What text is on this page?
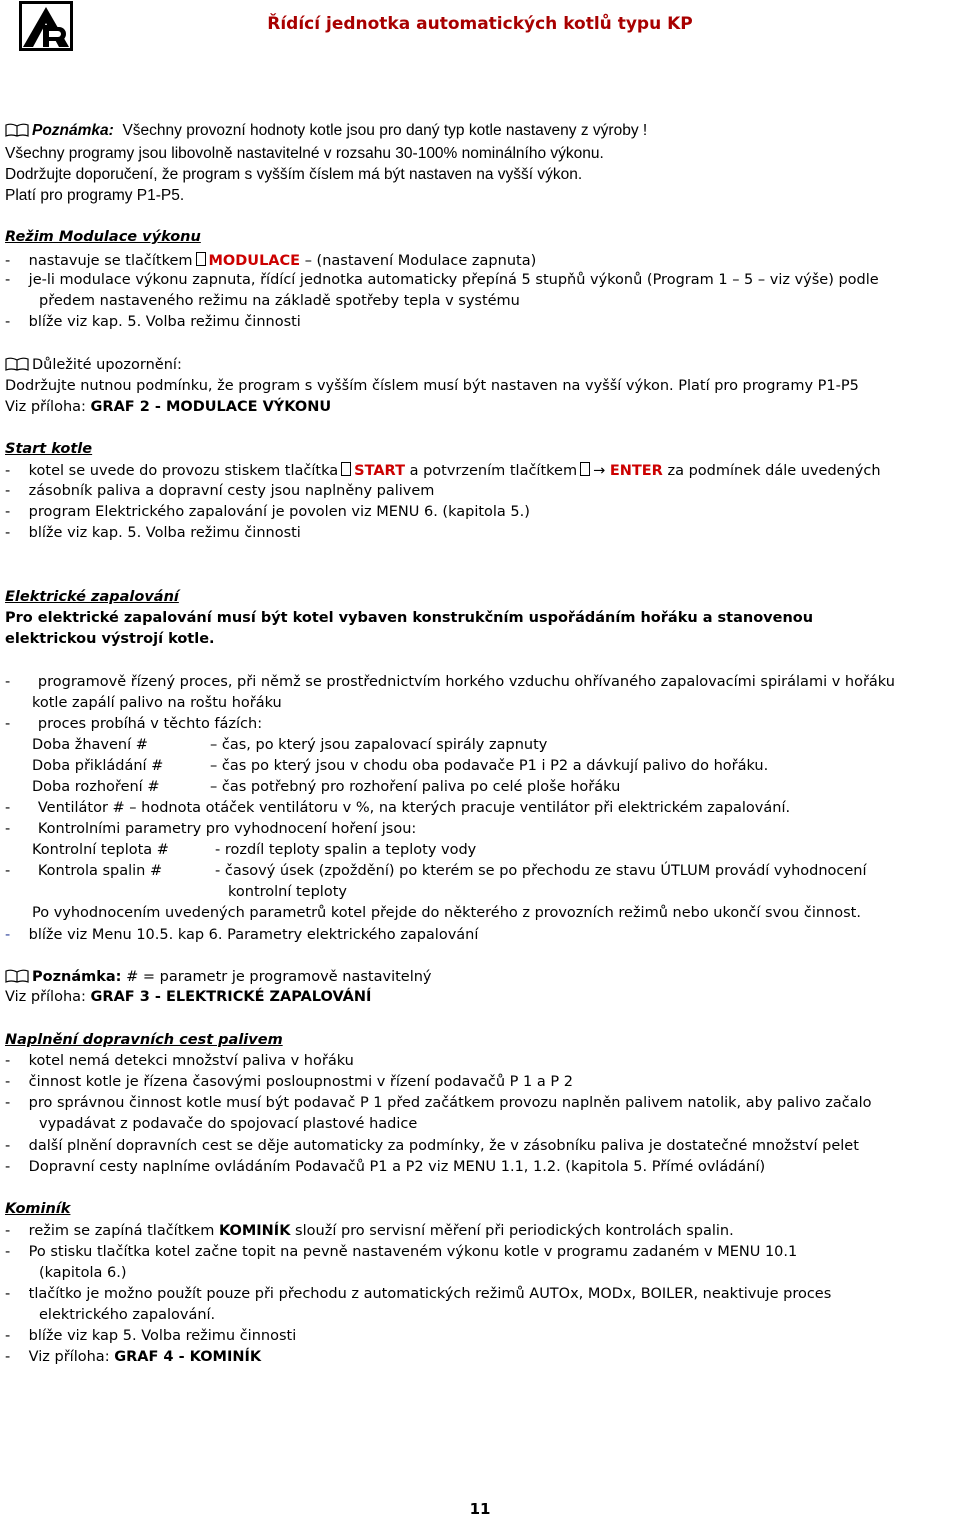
Řídící jednotka automatických kotlů typu KP
Poznámka: Všechny provozní hodnoty kotle jsou pro daný typ kotle nastaveny z výroby !
Všechny programy jsou libovolně nastavitelné v rozsahu 30-100% nominálního výkonu.
Dodržujte doporučení, že program s vyšším číslem má být nastaven na vyšší výkon.
Platí pro programy P1-P5.
Režim Modulace výkonu
-    nastavuje se tlačítkem MODULACE – (nastavení Modulace zapnuta)
-    je-li modulace výkonu zapnuta, řídící jednotka automaticky přepíná 5 stupňů výkonů (Program 1 – 5 – viz výše) podle
předem nastaveného režimu na základě spotřeby tepla v systému
-    blíže viz kap. 5. Volba režimu činnosti
Důležité upozornění:
Dodržujte nutnou podmínku, že program s vyšším číslem musí být nastaven na vyšší výkon. Platí pro programy P1-P5
Viz příloha: GRAF 2 - MODULACE VÝKONU
Start kotle
-    kotel se uvede do provozu stiskem tlačítka START a potvrzením tlačítkem → ENTER za podmínek dále uvedených
-    zásobník paliva a dopravní cesty jsou naplněny palivem
-    program Elektrického zapalování je povolen viz MENU 6. (kapitola 5.)
-    blíže viz kap. 5. Volba režimu činnosti
Elektrické zapalování
Pro elektrické zapalování musí být kotel vybaven konstrukčním uspořádáním hořáku a stanovenou
elektrickou výstrojí kotle.
-      programově řízený proces, při němž se prostřednictvím horkého vzduchu ohřívaného zapalovacími spirálami v hořáku
kotle zapálí palivo na roštu hořáku
-      proces probíhá v těchto fázích:
Doba žhavení #	– čas, po který jsou zapalovací spirály zapnuty
Doba přikládání #	– čas po který jsou v chodu oba podavače P1 i P2 a dávkují palivo do hořáku.
Doba rozhoření #	– čas potřebný pro rozhoření paliva po celé ploše hořáku
-      Ventilátor # – hodnota otáček ventilátoru v %, na kterých pracuje ventilátor při elektrickém zapalování.
-      Kontrolními parametry pro vyhodnocení hoření jsou:
Kontrolní teplota #	- rozdíl teploty spalin a teploty vody
-      Kontrola spalin #	- časový úsek (zpoždění) po kterém se po přechodu ze stavu ÚTLUM provádí vyhodnocení
kontrolní teploty
Po vyhodnocením uvedených parametrů kotel přejde do některého z provozních režimů nebo ukončí svou činnost.
- blíže viz Menu 10.5. kap 6. Parametry elektrického zapalování
Poznámka: # = parametr je programově nastavitelný
Viz příloha: GRAF 3 - ELEKTRICKÉ ZAPALOVÁNÍ
Naplnění dopravních cest palivem
-    kotel nemá detekci množství paliva v hořáku
-    činnost kotle je řízena časovými posloupnostmi v řízení podavačů P 1 a P 2
-    pro správnou činnost kotle musí být podavač P 1 před začátkem provozu naplněn palivem natolik, aby palivo začalo
vypadávat z podavače do spojovací plastové hadice
-    další plnění dopravních cest se děje automaticky za podmínky, že v zásobníku paliva je dostatečné množství pelet
-    Dopravní cesty naplníme ovládáním Podavačů P1 a P2 viz MENU 1.1, 1.2. (kapitola 5. Přímé ovládání)
Kominík
-    režim se zapíná tlačítkem KOMINÍK slouží pro servisní měření při periodických kontrolách spalin.
-    Po stisku tlačítka kotel začne topit na pevně nastaveném výkonu kotle v programu zadaném v MENU 10.1
(kapitola 6.)
-    tlačítko je možno použít pouze při přechodu z automatických režimů AUTOx, MODx, BOILER, neaktivuje proces
elektrického zapalování.
-    blíže viz kap 5. Volba režimu činnosti
-    Viz příloha: GRAF 4 - KOMINÍK
11
